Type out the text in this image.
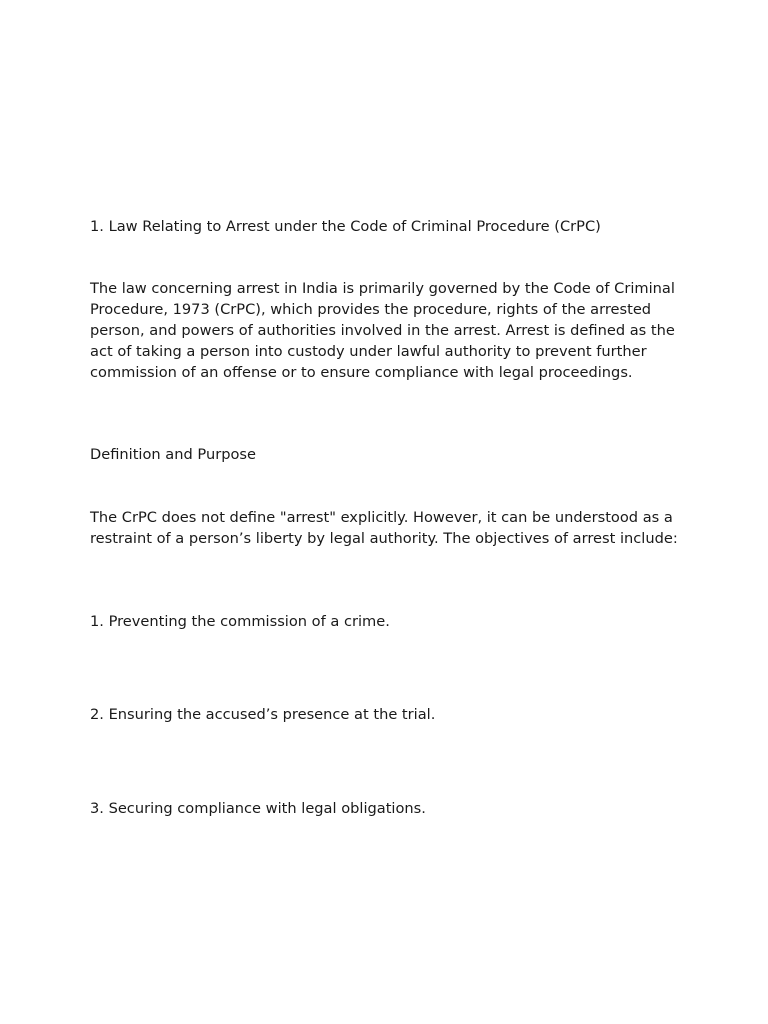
1. Law Relating to Arrest under the Code of Criminal Procedure (CrPC)

The law concerning arrest in India is primarily governed by the Code of Criminal Procedure, 1973 (CrPC), which provides the procedure, rights of the arrested person, and powers of authorities involved in the arrest. Arrest is defined as the act of taking a person into custody under lawful authority to prevent further commission of an offense or to ensure compliance with legal proceedings.

Definition and Purpose

The CrPC does not define "arrest" explicitly. However, it can be understood as a restraint of a person’s liberty by legal authority. The objectives of arrest include:

1. Preventing the commission of a crime.

2. Ensuring the accused’s presence at the trial.

3. Securing compliance with legal obligations.
